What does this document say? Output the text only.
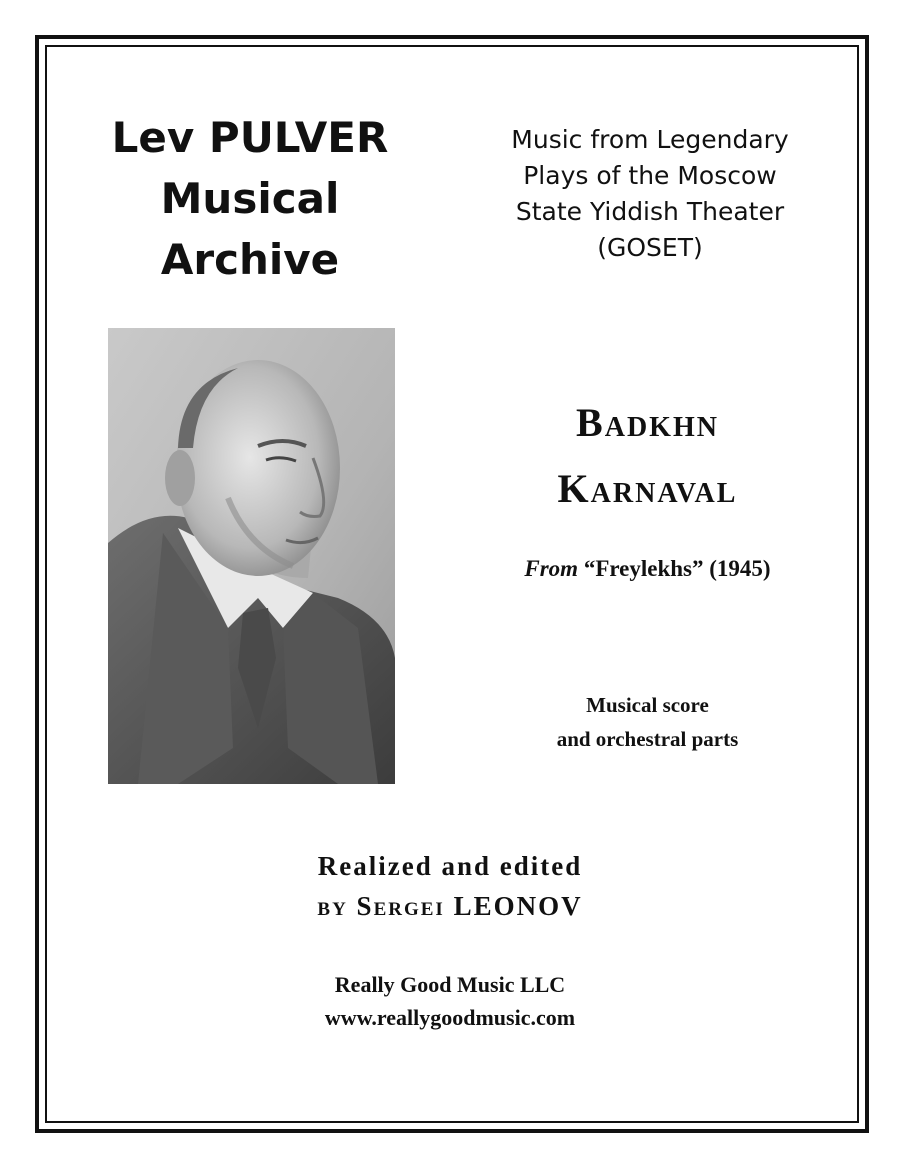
Lev PULVER
Musical
Archive
Music from Legendary
Plays of the Moscow
State Yiddish Theater
(GOSET)
Badkhn
Karnaval
From “Freylekhs” (1945)
Musical score
and orchestral parts
Realized and edited
by Sergei LEONOV
Really Good Music LLC
www.reallygoodmusic.com
